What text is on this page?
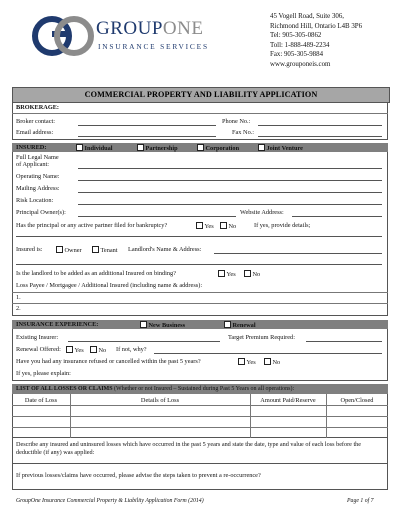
GROUPONE
INSURANCE SERVICES
45 Vogell Road, Suite 306,
Richmond Hill, Ontario L4B 3P6
Tel: 905-305-0862
Toll: 1-888-489-2234
Fax: 905-305-9884
www.grouponeis.com
COMMERCIAL PROPERTY AND LIABILITY APPLICATION
BROKERAGE:
Broker contact:	Phone No.:
Email address:	Fax No.:
INSURED:	Individual	Partnership	Corporation	Joint Venture
Full Legal Name
of Applicant:
Operating Name:
Mailing Address:
Risk Location:
Principal Owner(s):	Website Address:
Has the principal or any active partner filed for bankruptcy?	Yes	No	If yes, provide details;
Insured is:	Owner	Tenant Landlord's Name & Address:
Is the landlord to be added as an additional Insured on binding?	Yes	No
Loss Payee / Mortgagee / Additional Insured (including name & address):
1.
2.
INSURANCE EXPERIENCE:	New Business	Renewal
Existing Insurer:	Target Premium Required:
Renewal Offered:	Yes	No If not, why?
Have you had any insurance refused or cancelled within the past 5 years?	Yes	No
If yes, please explain:
LIST OF ALL LOSSES OR CLAIMS (Whether or not Insured – Sustained during Past 5 Years on all operations):
Date of Loss	Details of Loss	Amount Paid/Reserve	Open/Closed
Describe any insured and uninsured losses which have occurred in the past 5 years and state the date, type and value of each loss before the deductible (if any) was applied:
If previous losses/claims have occurred, please advise the steps taken to prevent a re-occurrence?
GroupOne Insurance Commercial Property & Liability Application Form (2014)	Page 1 of 7
